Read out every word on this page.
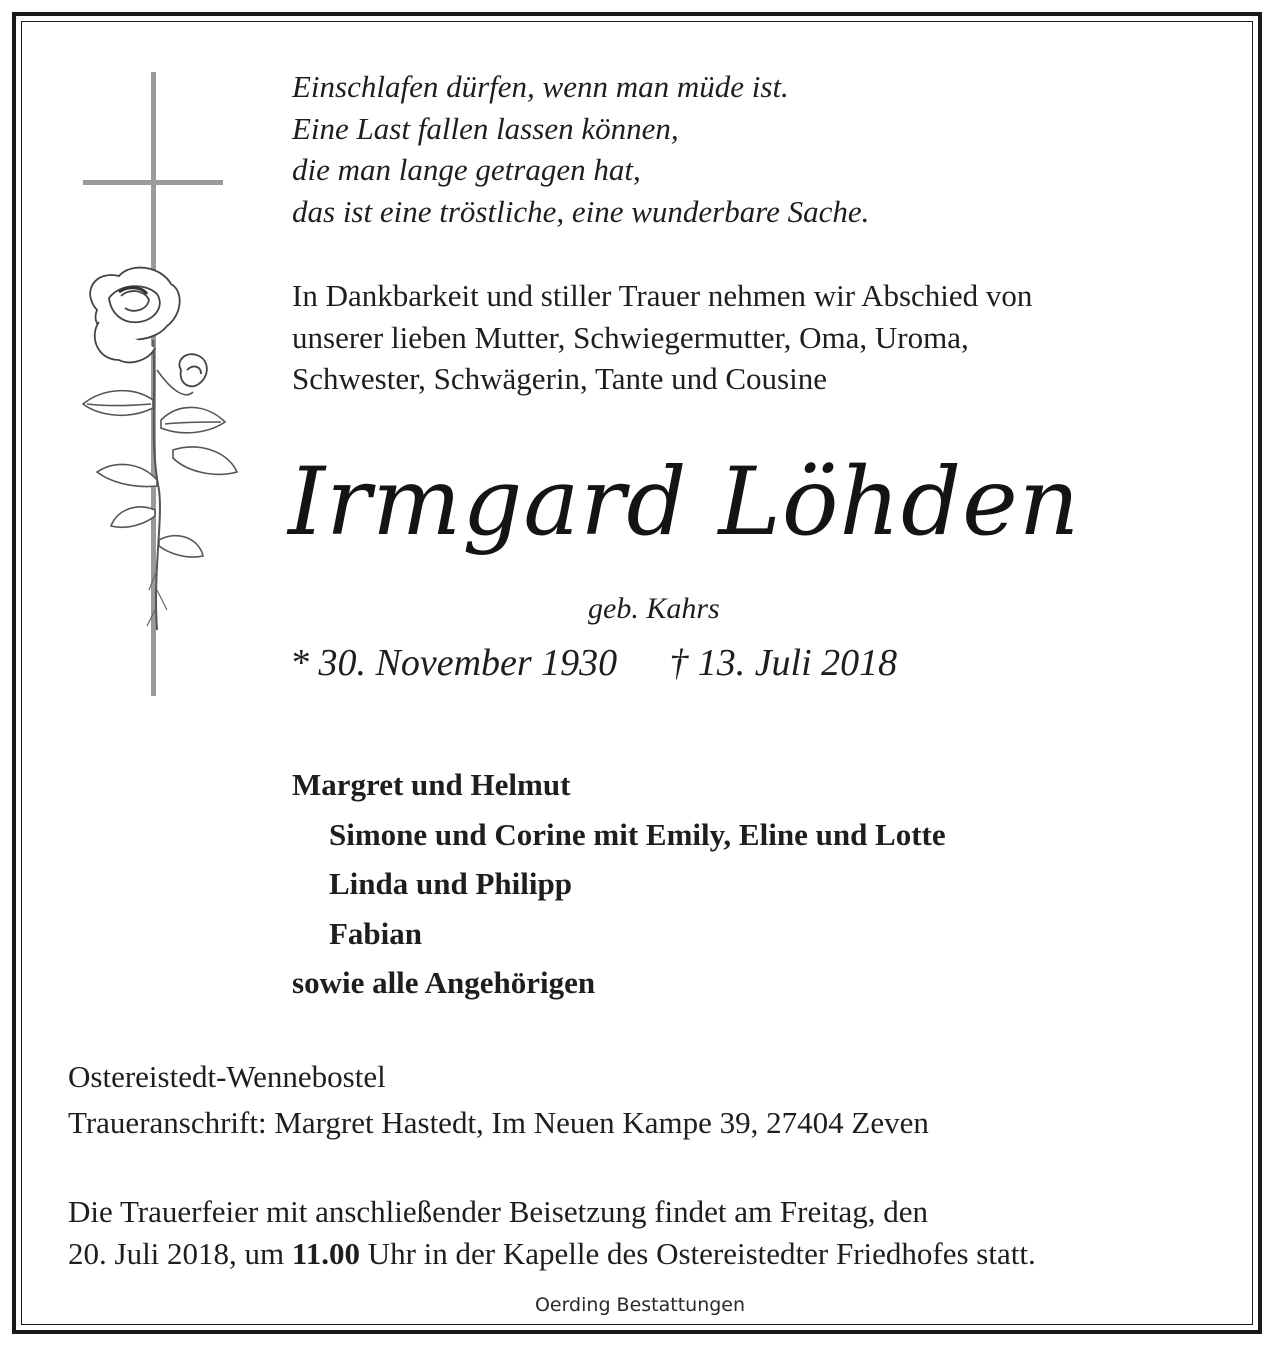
Einschlafen dürfen, wenn man müde ist.
Eine Last fallen lassen können,
die man lange getragen hat,
das ist eine tröstliche, eine wunderbare Sache.
In Dankbarkeit und stiller Trauer nehmen wir Abschied von
unserer lieben Mutter, Schwiegermutter, Oma, Uroma,
Schwester, Schwägerin, Tante und Cousine
Irmgard Löhden
geb. Kahrs
* 30. November 1930 † 13. Juli 2018
Margret und Helmut
Simone und Corine mit Emily, Eline und Lotte
Linda und Philipp
Fabian
sowie alle Angehörigen
Ostereistedt-Wennebostel
Traueranschrift: Margret Hastedt, Im Neuen Kampe 39, 27404 Zeven
Die Trauerfeier mit anschließender Beisetzung findet am Freitag, den
20. Juli 2018, um 11.00 Uhr in der Kapelle des Ostereistedter Friedhofes statt.
Oerding Bestattungen
